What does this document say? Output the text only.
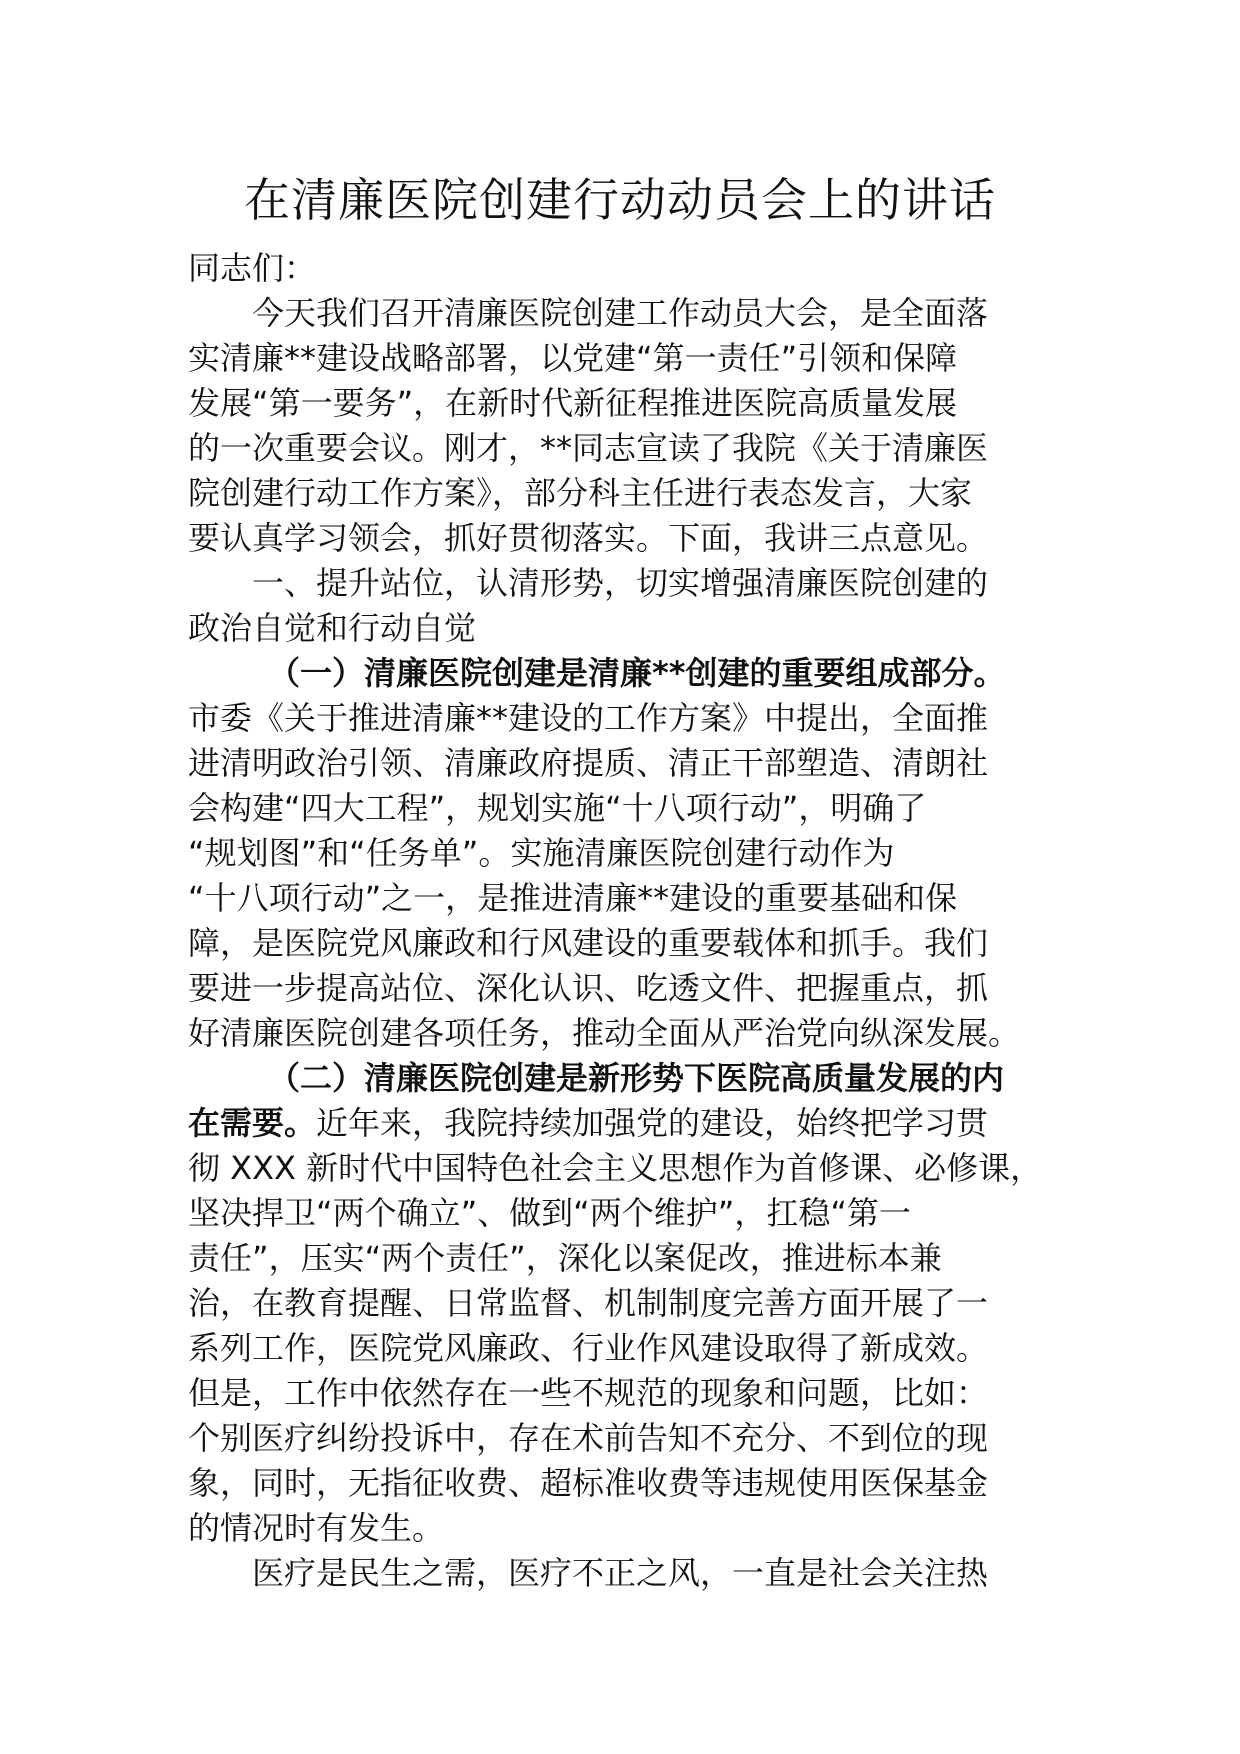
在清廉医院创建行动动员会上的讲话
同志们：
今天我们召开清廉医院创建工作动员大会，是全面落
实清廉**建设战略部署，以党建“第一责任”引领和保障
发展“第一要务”，在新时代新征程推进医院高质量发展
的一次重要会议。刚才，**同志宣读了我院《关于清廉医
院创建行动工作方案》，部分科主任进行表态发言，大家
要认真学习领会，抓好贯彻落实。下面，我讲三点意见。
一、提升站位，认清形势，切实增强清廉医院创建的
政治自觉和行动自觉
（一）清廉医院创建是清廉**创建的重要组成部分。
市委《关于推进清廉**建设的工作方案》中提出，全面推
进清明政治引领、清廉政府提质、清正干部塑造、清朗社
会构建“四大工程”，规划实施“十八项行动”，明确了
“规划图”和“任务单”。实施清廉医院创建行动作为
“十八项行动”之一，是推进清廉**建设的重要基础和保
障，是医院党风廉政和行风建设的重要载体和抓手。我们
要进一步提高站位、深化认识、吃透文件、把握重点，抓
好清廉医院创建各项任务，推动全面从严治党向纵深发展。
（二）清廉医院创建是新形势下医院高质量发展的内
在需要。近年来，我院持续加强党的建设，始终把学习贯
彻 XXX 新时代中国特色社会主义思想作为首修课、必修课，
坚决捍卫“两个确立”、做到“两个维护”，扛稳“第一
责任”，压实“两个责任”，深化以案促改，推进标本兼
治，在教育提醒、日常监督、机制制度完善方面开展了一
系列工作，医院党风廉政、行业作风建设取得了新成效。
但是，工作中依然存在一些不规范的现象和问题，比如：
个别医疗纠纷投诉中，存在术前告知不充分、不到位的现
象，同时，无指征收费、超标准收费等违规使用医保基金
的情况时有发生。
医疗是民生之需，医疗不正之风，一直是社会关注热
